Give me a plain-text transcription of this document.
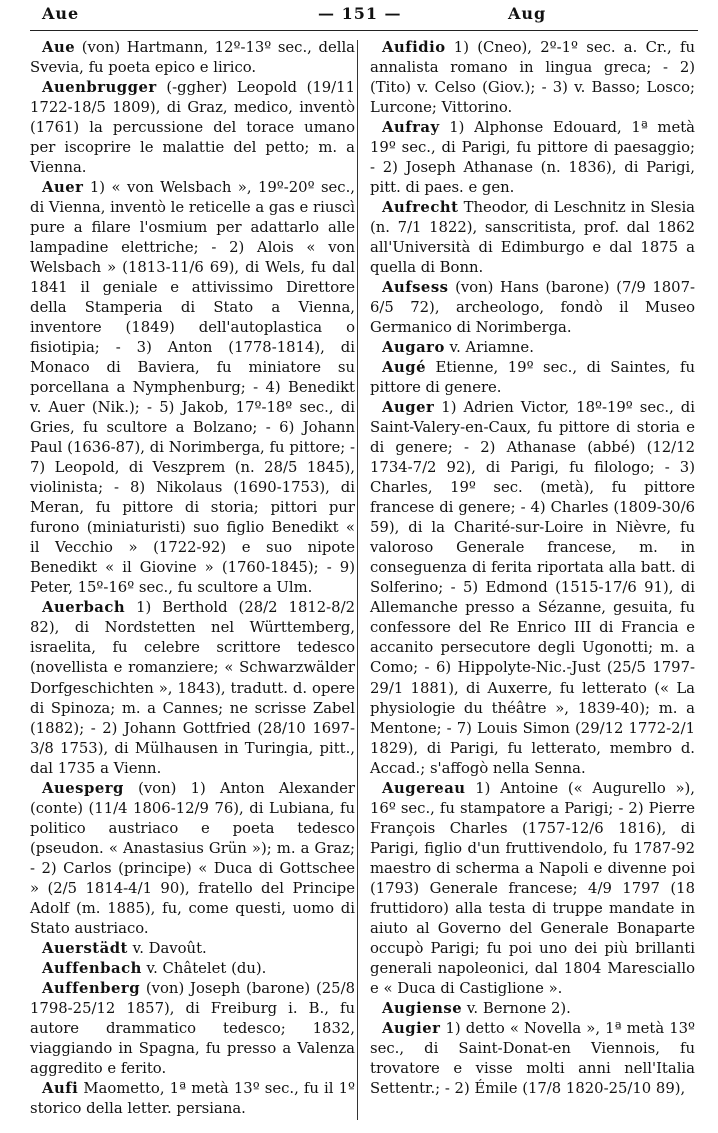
Aue	— 151 —	Aug

Aue (von) Hartmann, 12º-13º sec., della Svevia, fu poeta epico e lirico.

Auenbrugger (-ggher) Leopold (19/11 1722-18/5 1809), di Graz, medico, inventò (1761) la percussione del torace umano per iscoprire le malattie del petto; m. a Vienna.

Auer 1) « von Welsbach », 19º-20º sec., di Vienna, inventò le reticelle a gas e riuscì pure a filare l'osmium per adattarlo alle lampadine elettriche; - 2) Alois « von Welsbach » (1813-11/6 69), di Wels, fu dal 1841 il geniale e attivissimo Direttore della Stamperia di Stato a Vienna, inventore (1849) dell'autoplastica o fisiotipia; - 3) Anton (1778-1814), di Monaco di Baviera, fu miniatore su porcellana a Nymphenburg; - 4) Benedikt v. Auer (Nik.); - 5) Jakob, 17º-18º sec., di Gries, fu scultore a Bolzano; - 6) Johann Paul (1636-87), di Norimberga, fu pittore; - 7) Leopold, di Veszprem (n. 28/5 1845), violinista; - 8) Nikolaus (1690-1753), di Meran, fu pittore di storia; pittori pur furono (miniaturisti) suo figlio Benedikt « il Vecchio » (1722-92) e suo nipote Benedikt « il Giovine » (1760-1845); - 9) Peter, 15º-16º sec., fu scultore a Ulm.

Auerbach 1) Berthold (28/2 1812-8/2 82), di Nordstetten nel Württemberg, israelita, fu celebre scrittore tedesco (novellista e romanziere; « Schwarzwälder Dorfgeschichten », 1843), tradutt. d. opere di Spinoza; m. a Cannes; ne scrisse Zabel (1882); - 2) Johann Gottfried (28/10 1697-3/8 1753), di Mülhausen in Turingia, pitt., dal 1735 a Vienn.

Auesperg (von) 1) Anton Alexander (conte) (11/4 1806-12/9 76), di Lubiana, fu politico austriaco e poeta tedesco (pseudon. « Anastasius Grün »); m. a Graz; - 2) Carlos (principe) « Duca di Gottschee » (2/5 1814-4/1 90), fratello del Principe Adolf (m. 1885), fu, come questi, uomo di Stato austriaco.

Auerstädt v. Davoût.

Auffenbach v. Châtelet (du).

Auffenberg (von) Joseph (barone) (25/8 1798-25/12 1857), di Freiburg i. B., fu autore drammatico tedesco; 1832, viaggiando in Spagna, fu presso a Valenza aggredito e ferito.

Aufi Maometto, 1ª metà 13º sec., fu il 1º storico della letter. persiana.

Aufidio 1) (Cneo), 2º-1º sec. a. Cr., fu annalista romano in lingua greca; - 2) (Tito) v. Celso (Giov.); - 3) v. Basso; Losco; Lurcone; Vittorino.

Aufray 1) Alphonse Edouard, 1ª metà 19º sec., di Parigi, fu pittore di paesaggio; - 2) Joseph Athanase (n. 1836), di Parigi, pitt. di paes. e gen.

Aufrecht Theodor, di Leschnitz in Slesia (n. 7/1 1822), sanscritista, prof. dal 1862 all'Università di Edimburgo e dal 1875 a quella di Bonn.

Aufsess (von) Hans (barone) (7/9 1807-6/5 72), archeologo, fondò il Museo Germanico di Norimberga.

Augaro v. Ariamne.

Augé Etienne, 19º sec., di Saintes, fu pittore di genere.

Auger 1) Adrien Victor, 18º-19º sec., di Saint-Valery-en-Caux, fu pittore di storia e di genere; - 2) Athanase (abbé) (12/12 1734-7/2 92), di Parigi, fu filologo; - 3) Charles, 19º sec. (metà), fu pittore francese di genere; - 4) Charles (1809-30/6 59), di la Charité-sur-Loire in Nièvre, fu valoroso Generale francese, m. in conseguenza di ferita riportata alla batt. di Solferino; - 5) Edmond (1515-17/6 91), di Allemanche presso a Sézanne, gesuita, fu confessore del Re Enrico III di Francia e accanito persecutore degli Ugonotti; m. a Como; - 6) Hippolyte-Nic.-Just (25/5 1797-29/1 1881), di Auxerre, fu letterato (« La physiologie du théâtre », 1839-40); m. a Mentone; - 7) Louis Simon (29/12 1772-2/1 1829), di Parigi, fu letterato, membro d. Accad.; s'affogò nella Senna.

Augereau 1) Antoine (« Augurello »), 16º sec., fu stampatore a Parigi; - 2) Pierre François Charles (1757-12/6 1816), di Parigi, figlio d'un fruttivendolo, fu 1787-92 maestro di scherma a Napoli e divenne poi (1793) Generale francese; 4/9 1797 (18 fruttidoro) alla testa di truppe mandate in aiuto al Governo del Generale Bonaparte occupò Parigi; fu poi uno dei più brillanti generali napoleonici, dal 1804 Maresciallo e « Duca di Castiglione ».

Augiense v. Bernone 2).

Augier 1) detto « Novella », 1ª metà 13º sec., di Saint-Donat-en Viennois, fu trovatore e visse molti anni nell'Italia Settentr.; - 2) Émile (17/8 1820-25/10 89),
